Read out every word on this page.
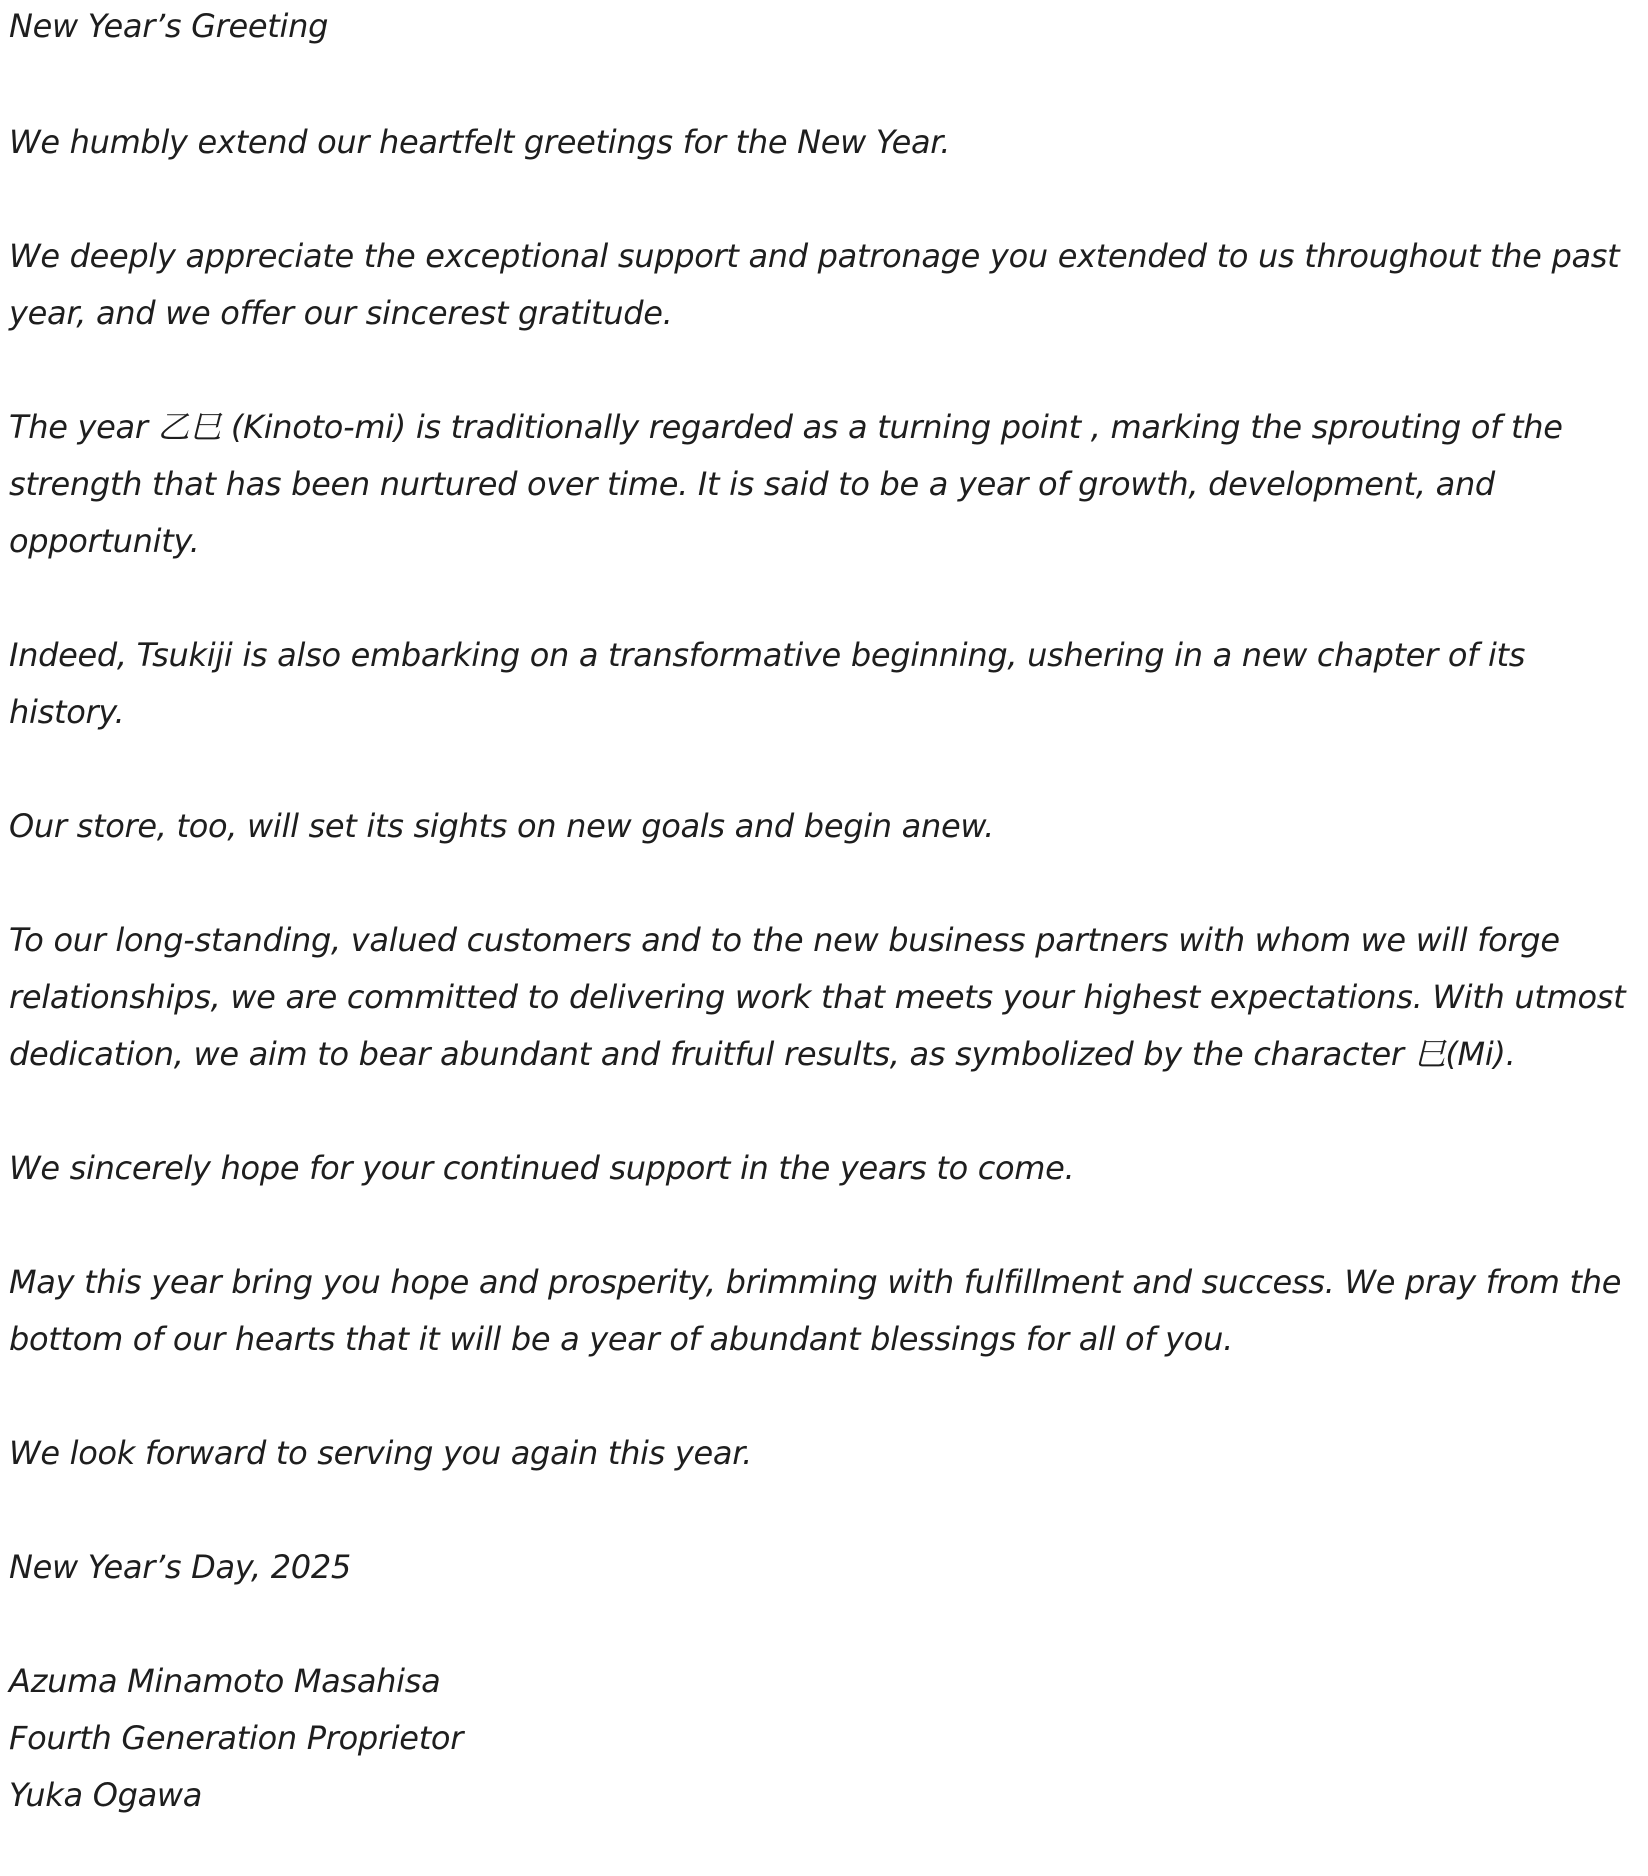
New Year’s Greeting

We humbly extend our heartfelt greetings for the New Year.

We deeply appreciate the exceptional support and patronage you extended to us throughout the past year, and we offer our sincerest gratitude.

The year 乙巳 (Kinoto-mi) is traditionally regarded as a turning point , marking the sprouting of the strength that has been nurtured over time. It is said to be a year of growth, development, and opportunity.

Indeed, Tsukiji is also embarking on a transformative beginning, ushering in a new chapter of its history.

Our store, too, will set its sights on new goals and begin anew.

To our long-standing, valued customers and to the new business partners with whom we will forge relationships, we are committed to delivering work that meets your highest expectations. With utmost dedication, we aim to bear abundant and fruitful results, as symbolized by the character 巳(Mi).

We sincerely hope for your continued support in the years to come.

May this year bring you hope and prosperity, brimming with fulfillment and success. We pray from the bottom of our hearts that it will be a year of abundant blessings for all of you.

We look forward to serving you again this year.

New Year’s Day, 2025

Azuma Minamoto Masahisa
Fourth Generation Proprietor
Yuka Ogawa
